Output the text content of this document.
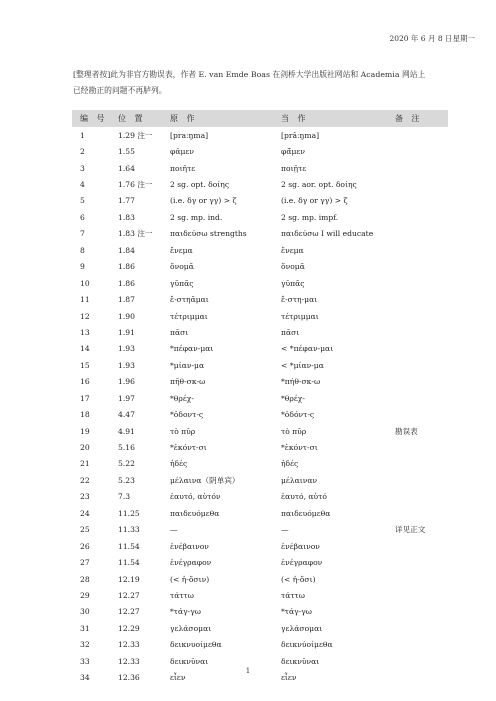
2020 年 6 月 8 日星期一
[整理者按]此为非官方勘误表，作者 E. van Emde Boas 在剑桥大学出版社网站和 Academia 网站上已经勘正的问题不再胪列。
编 号	位 置	原 作	当 作	备 注
1	1.29 注一	[praːŋma]	[prâːŋma]	
2	1.55	φᾶμεν	φᾰ́μεν	
3	1.64	ποιῆτε	ποιῇτε	
4	1.76 注一	2 sg. opt. δοίης	2 sg. aor. opt. δοίης	
5	1.77	(i.e. δγ or γγ) > ζ	(i.e. δγ or γγ) > ζ	
6	1.83	2 sg. mp. ind.	2 sg. mp. impf.	
7	1.83 注一	παιδεύσω strengths	παιδεύσω I will educate	
8	1.84	ἔνεμα	ἕνεμα	
9	1.86	ὄνομᾰ	ὄνομᾰ	
10	1.86	γῦπᾰς	γῦπᾰς	
11	1.87	ἔ-στηᾰμαι	ἔ-στη-μαι	
12	1.90	τέτριμμαι	τέτριμμαι	
13	1.91	πᾶσι	πᾶσι	
14	1.93	*πέφαν-μαι	< *πέφαν-μαι	
15	1.93	*μίαν-μα	< *μίαν-μα	
16	1.96	πῆθ-σκ-ω	*πήθ-σκ-ω	
17	1.97	*θρέχ-	*θρέχ-	
18	4.47	*ὀδοντ-ς	*ὀδόντ-ς	
19	4.91	τὸ πῦρ	τὸ πῦρ	勘误表
20	5.16	*ἐκόντ-σι	*ἑκόντ-σι	
21	5.22	ἡδές	ἡδές	
22	5.23	μέλαινα（阴单宾）	μέλαιναν	
23	7.3	ἑαυτό, αὐτόν	ἑαυτό, αὑτό	
24	11.25	παιδευόμεθα	παιδευόμεθα	
25	11.33	—	—	详见正文
26	11.54	ἐνέβαινον	ἐνέβαινον	
27	11.54	ἐνέγραφον	ἐνέγραφον	
28	12.19	(< ἠ-ὄσιν)	(< ἠ-ὄσι)	
29	12.27	τάττω	τάττω	
30	12.27	*τάγ-γω	*τάγ-γω	
31	12.29	γελάσομαι	γελάσομαι	
32	12.33	δεικνυοίμεθα	δεικνύοίμεθα	
33	12.33	δεικνῦναι	δεικνῦναι	
34	12.36	εἶεν	εἶεν	
1
